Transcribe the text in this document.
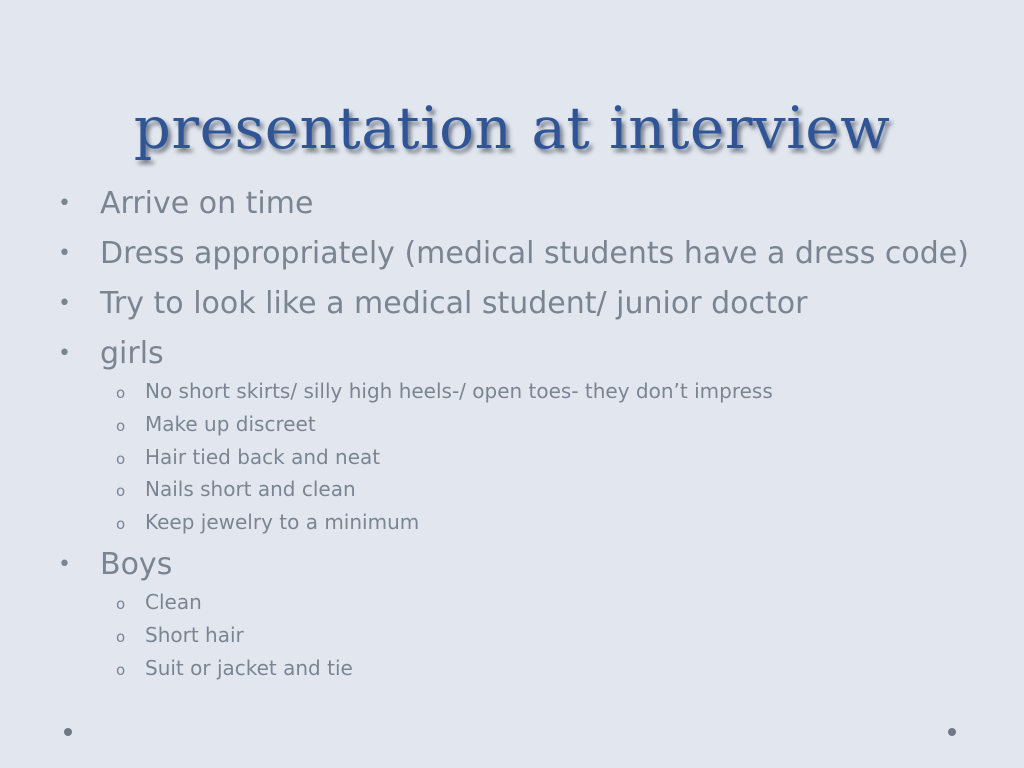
presentation at interview
• Arrive on time
• Dress appropriately (medical students have a dress code)
• Try to look like a medical student/ junior doctor
• girls
o No short skirts/ silly high heels-/ open toes- they don’t impress
o Make up discreet
o Hair tied back and neat
o Nails short and clean
o Keep jewelry to a minimum
• Boys
o Clean
o Short hair
o Suit or jacket and tie
